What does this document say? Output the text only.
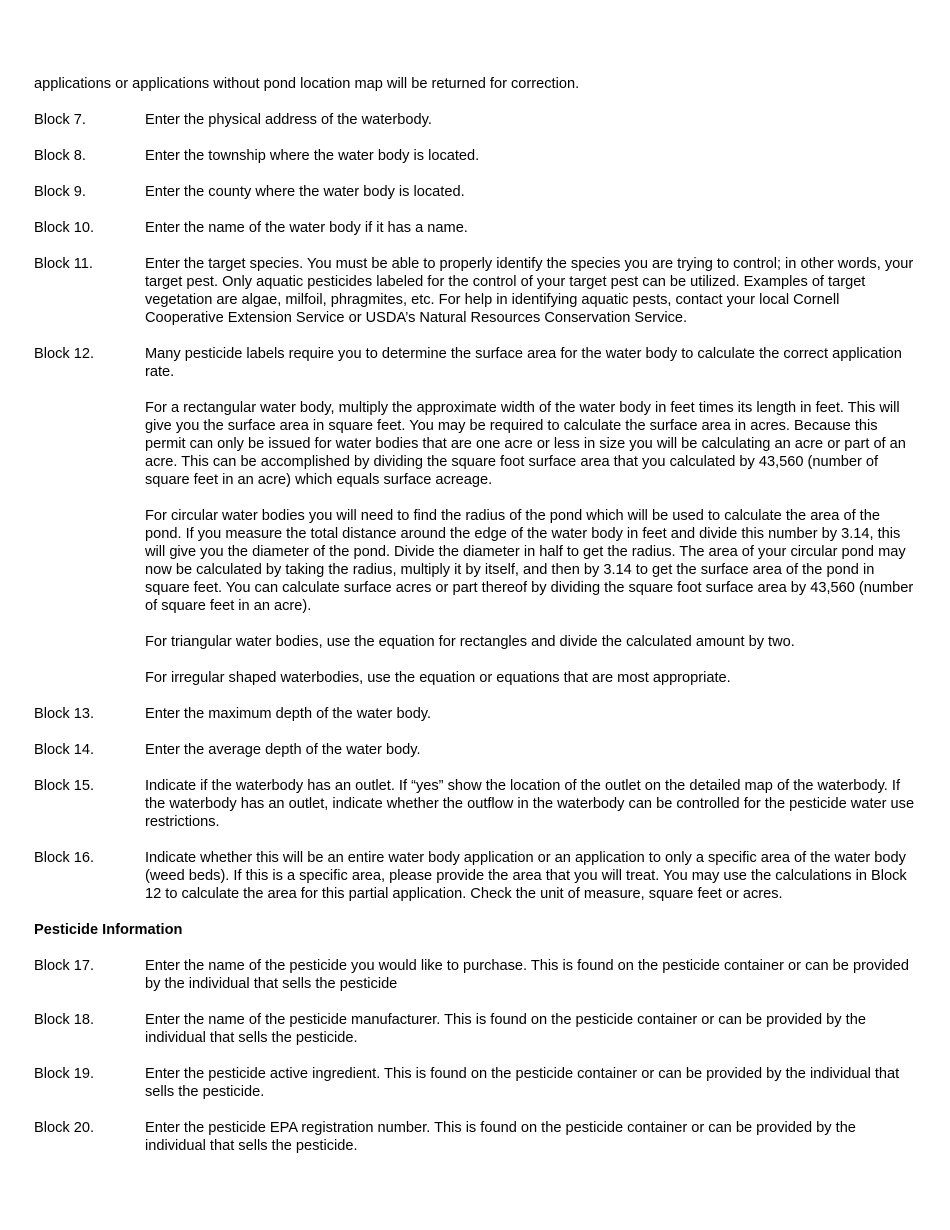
applications or applications without pond location map will be returned for correction.

Block 7.	Enter the physical address of the waterbody.

Block 8.	Enter the township where the water body is located.

Block 9.	Enter the county where the water body is located.

Block 10.	Enter the name of the water body if it has a name.

Block 11.	Enter the target species. You must be able to properly identify the species you are trying to control; in other words, your target pest. Only aquatic pesticides labeled for the control of your target pest can be utilized. Examples of target vegetation are algae, milfoil, phragmites, etc. For help in identifying aquatic pests, contact your local Cornell Cooperative Extension Service or USDA’s Natural Resources Conservation Service.

Block 12.	Many pesticide labels require you to determine the surface area for the water body to calculate the correct application rate.

For a rectangular water body, multiply the approximate width of the water body in feet times its length in feet. This will give you the surface area in square feet. You may be required to calculate the surface area in acres. Because this permit can only be issued for water bodies that are one acre or less in size you will be calculating an acre or part of an acre. This can be accomplished by dividing the square foot surface area that you calculated by 43,560 (number of square feet in an acre) which equals surface acreage.

For circular water bodies you will need to find the radius of the pond which will be used to calculate the area of the pond. If you measure the total distance around the edge of the water body in feet and divide this number by 3.14, this will give you the diameter of the pond. Divide the diameter in half to get the radius. The area of your circular pond may now be calculated by taking the radius, multiply it by itself, and then by 3.14 to get the surface area of the pond in square feet. You can calculate surface acres or part thereof by dividing the square foot surface area by 43,560 (number of square feet in an acre).

For triangular water bodies, use the equation for rectangles and divide the calculated amount by two.

For irregular shaped waterbodies, use the equation or equations that are most appropriate.

Block 13.	Enter the maximum depth of the water body.

Block 14.	Enter the average depth of the water body.

Block 15.	Indicate if the waterbody has an outlet. If “yes” show the location of the outlet on the detailed map of the waterbody. If the waterbody has an outlet, indicate whether the outflow in the waterbody can be controlled for the pesticide water use restrictions.

Block 16.	Indicate whether this will be an entire water body application or an application to only a specific area of the water body (weed beds). If this is a specific area, please provide the area that you will treat. You may use the calculations in Block 12 to calculate the area for this partial application. Check the unit of measure, square feet or acres.

Pesticide Information
Block 17.	Enter the name of the pesticide you would like to purchase. This is found on the pesticide container or can be provided by the individual that sells the pesticide

Block 18.	Enter the name of the pesticide manufacturer. This is found on the pesticide container or can be provided by the individual that sells the pesticide.

Block 19.	Enter the pesticide active ingredient. This is found on the pesticide container or can be provided by the individual that sells the pesticide.

Block 20.	Enter the pesticide EPA registration number. This is found on the pesticide container or can be provided by the individual that sells the pesticide.
